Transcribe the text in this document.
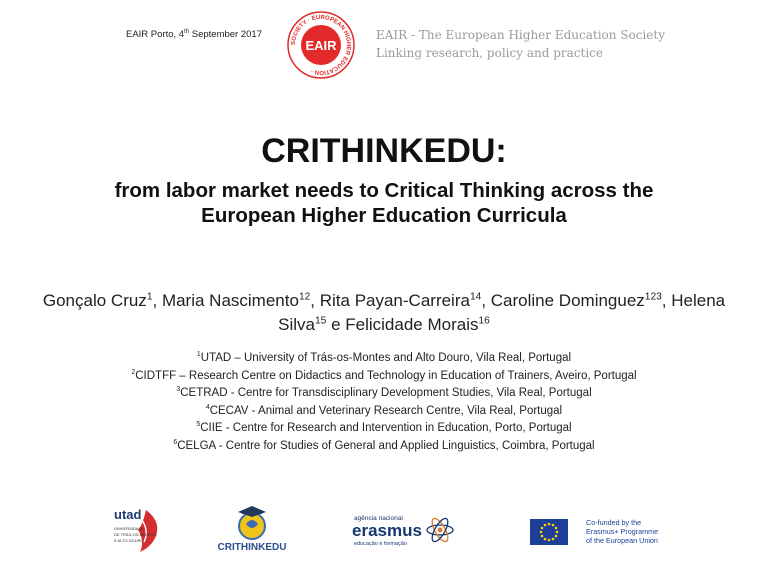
EAIR Porto, 4th September 2017
SOCIETY · EUROPEAN HIGHER EDUCATION ·
EAIR
EAIR - The European Higher Education Society
Linking research, policy and practice
CRITHINKEDU:
from labor market needs to Critical Thinking across the
European Higher Education Curricula
Gonçalo Cruz$^1$, Maria Nascimento$^{12}$, Rita Payan-Carreira$^{14}$, Caroline Dominguez$^{123}$, Helena Silva$^{15}$ e Felicidade Morais$^{16}$
$^1$UTAD – University of Trás-os-Montes and Alto Douro, Vila Real, Portugal
$^2$CIDTFF – Research Centre on Didactics and Technology in Education of Trainers, Aveiro, Portugal
$^3$CETRAD - Centre for Transdisciplinary Development Studies, Vila Real, Portugal
$^4$CECAV - Animal and Veterinary Research Centre, Vila Real, Portugal
$^5$CIIE - Centre for Research and Intervention in Education, Porto, Portugal
$^6$CELGA - Centre for Studies of General and Applied Linguistics, Coimbra, Portugal
utad
UNIVERSIDADE
DE TRÁS-OS-MONTES
E ALTO DOURO
CRITHINKEDU
agência nacional
erasmus
educação e formação
Co-funded by the
Erasmus+ Programme
of the European Union
